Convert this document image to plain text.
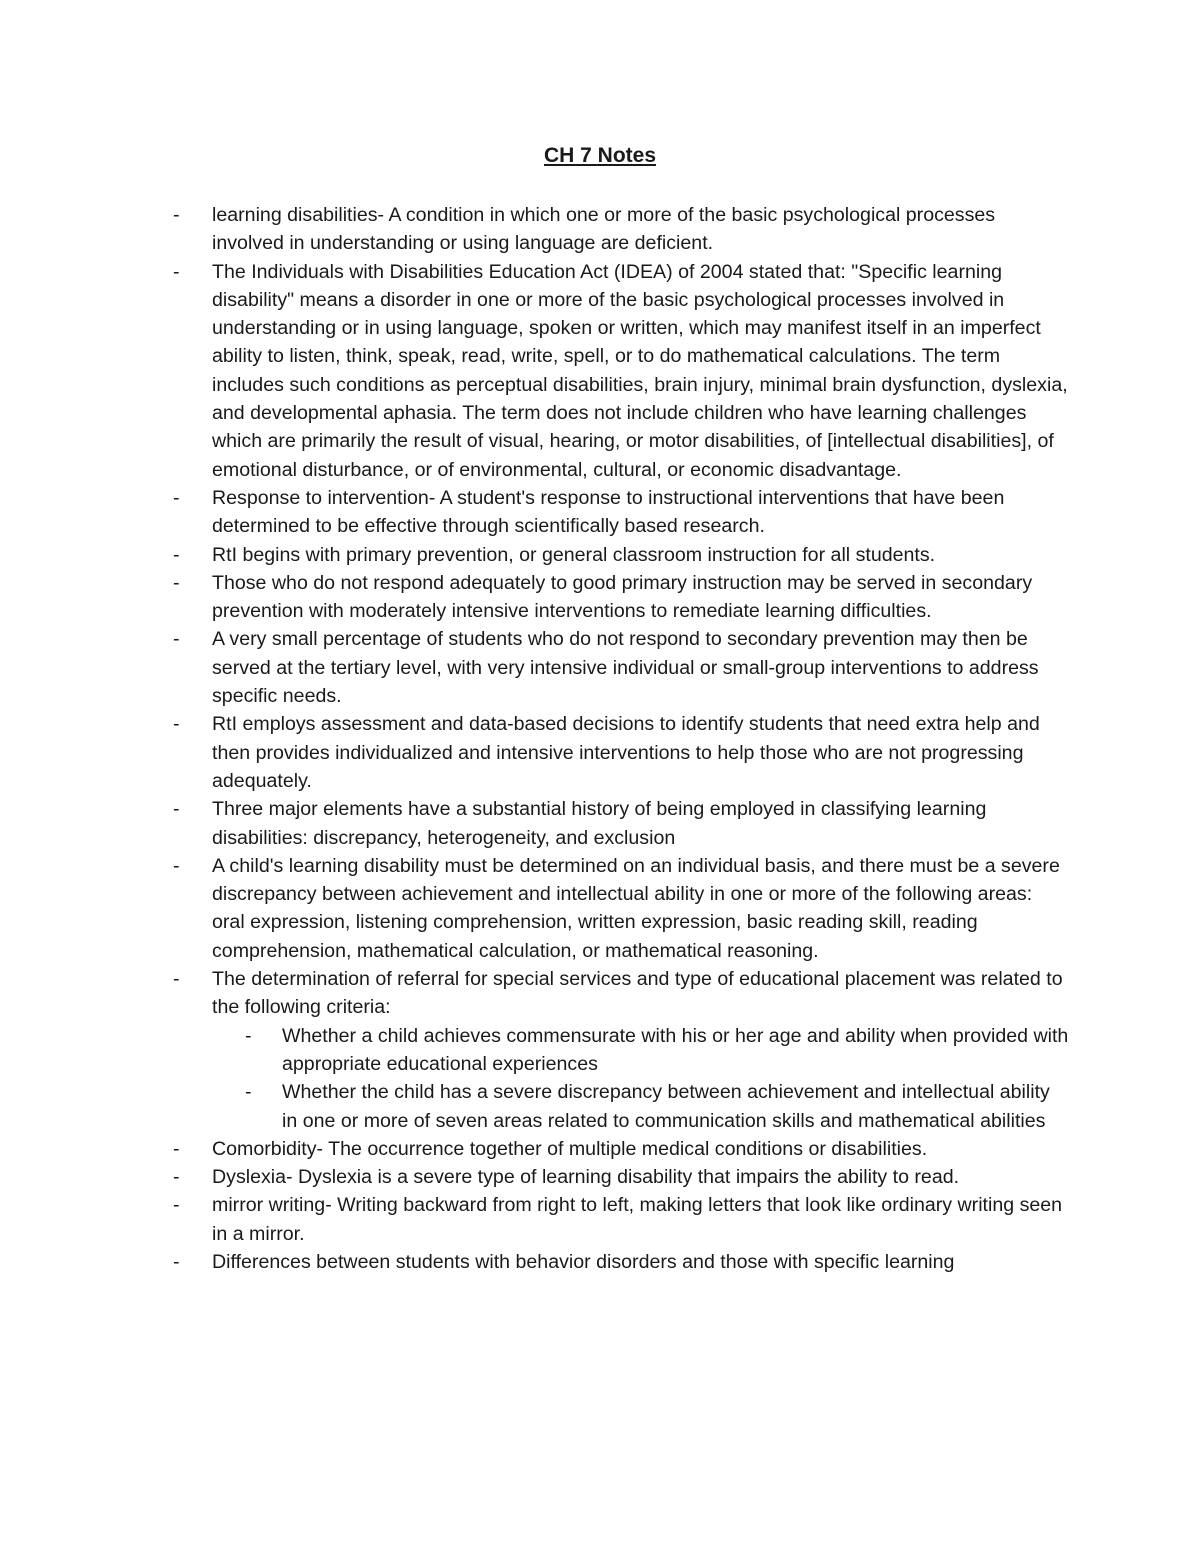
CH 7 Notes
- learning disabilities- A condition in which one or more of the basic psychological processes involved in understanding or using language are deficient.
- The Individuals with Disabilities Education Act (IDEA) of 2004 stated that: "Specific learning disability" means a disorder in one or more of the basic psychological processes involved in understanding or in using language, spoken or written, which may manifest itself in an imperfect ability to listen, think, speak, read, write, spell, or to do mathematical calculations. The term includes such conditions as perceptual disabilities, brain injury, minimal brain dysfunction, dyslexia, and developmental aphasia. The term does not include children who have learning challenges which are primarily the result of visual, hearing, or motor disabilities, of [intellectual disabilities], of emotional disturbance, or of environmental, cultural, or economic disadvantage.
- Response to intervention- A student's response to instructional interventions that have been determined to be effective through scientifically based research.
- RtI begins with primary prevention, or general classroom instruction for all students.
- Those who do not respond adequately to good primary instruction may be served in secondary prevention with moderately intensive interventions to remediate learning difficulties.
- A very small percentage of students who do not respond to secondary prevention may then be served at the tertiary level, with very intensive individual or small-group interventions to address specific needs.
- RtI employs assessment and data-based decisions to identify students that need extra help and then provides individualized and intensive interventions to help those who are not progressing adequately.
- Three major elements have a substantial history of being employed in classifying learning disabilities: discrepancy, heterogeneity, and exclusion
- A child's learning disability must be determined on an individual basis, and there must be a severe discrepancy between achievement and intellectual ability in one or more of the following areas: oral expression, listening comprehension, written expression, basic reading skill, reading comprehension, mathematical calculation, or mathematical reasoning.
- The determination of referral for special services and type of educational placement was related to the following criteria:
- Whether a child achieves commensurate with his or her age and ability when provided with appropriate educational experiences
- Whether the child has a severe discrepancy between achievement and intellectual ability in one or more of seven areas related to communication skills and mathematical abilities
- Comorbidity- The occurrence together of multiple medical conditions or disabilities.
- Dyslexia- Dyslexia is a severe type of learning disability that impairs the ability to read.
- mirror writing- Writing backward from right to left, making letters that look like ordinary writing seen in a mirror.
- Differences between students with behavior disorders and those with specific learning
